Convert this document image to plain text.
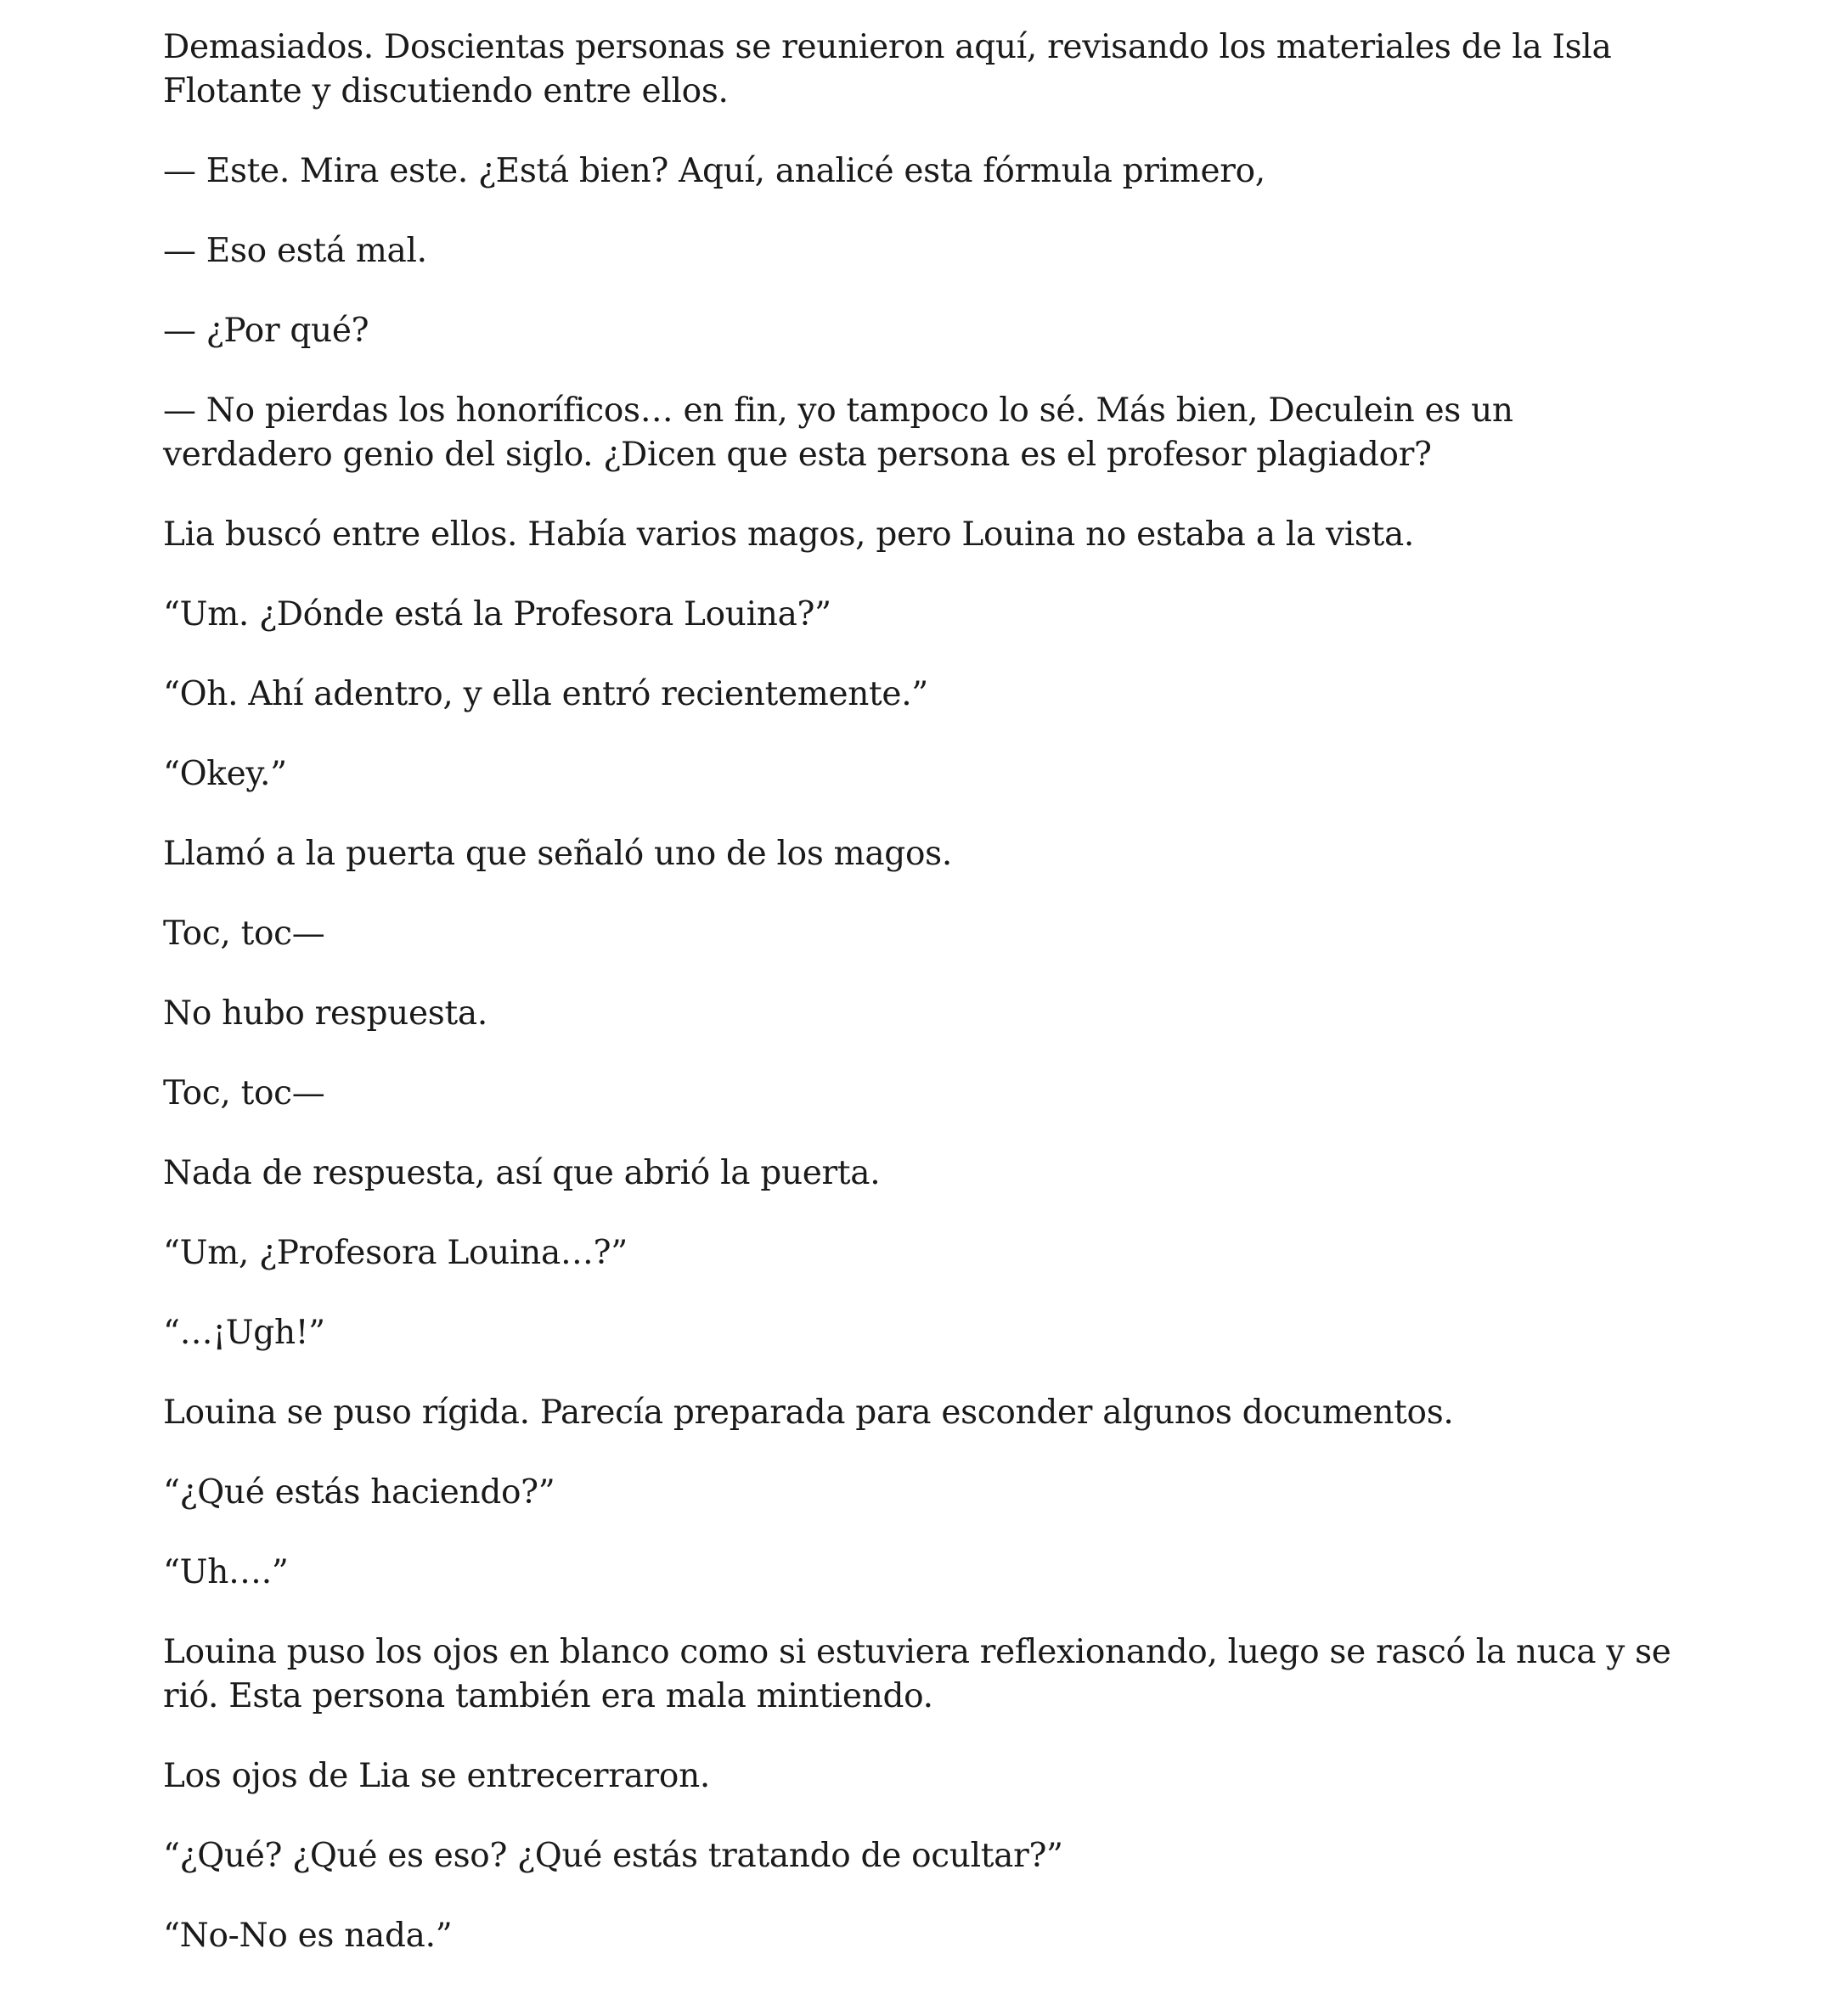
Demasiados. Doscientas personas se reunieron aquí, revisando los materiales de la Isla Flotante y discutiendo entre ellos.

— Este. Mira este. ¿Está bien? Aquí, analicé esta fórmula primero,

— Eso está mal.

— ¿Por qué?

— No pierdas los honoríficos… en fin, yo tampoco lo sé. Más bien, Deculein es un verdadero genio del siglo. ¿Dicen que esta persona es el profesor plagiador?

Lia buscó entre ellos. Había varios magos, pero Louina no estaba a la vista.

“Um. ¿Dónde está la Profesora Louina?”

“Oh. Ahí adentro, y ella entró recientemente.”

“Okey.”

Llamó a la puerta que señaló uno de los magos.

Toc, toc—

No hubo respuesta.

Toc, toc—

Nada de respuesta, así que abrió la puerta.

“Um, ¿Profesora Louina…?”

“…¡Ugh!”

Louina se puso rígida. Parecía preparada para esconder algunos documentos.

“¿Qué estás haciendo?”

“Uh….”

Louina puso los ojos en blanco como si estuviera reflexionando, luego se rascó la nuca y se rió. Esta persona también era mala mintiendo.

Los ojos de Lia se entrecerraron.

“¿Qué? ¿Qué es eso? ¿Qué estás tratando de ocultar?”

“No-No es nada.”
